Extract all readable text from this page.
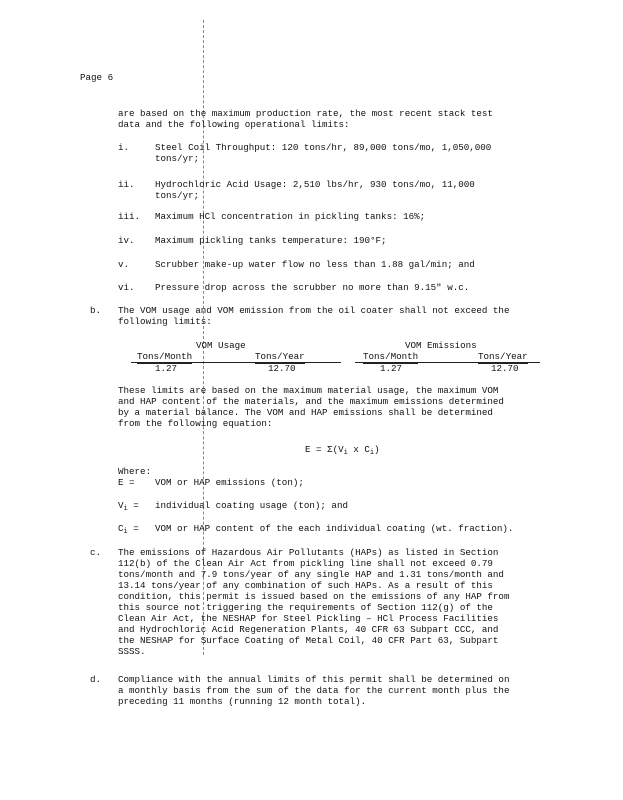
Page 6
are based on the maximum production rate, the most recent stack test
data and the following operational limits:
i.	Steel Coil Throughput: 120 tons/hr, 89,000 tons/mo, 1,050,000
tons/yr;
ii. Hydrochloric Acid Usage: 2,510 lbs/hr, 930 tons/mo, 11,000
tons/yr;
iii. Maximum HCl concentration in pickling tanks: 16%;
iv. Maximum pickling tanks temperature: 190°F;
v.	Scrubber make-up water flow no less than 1.88 gal/min; and
vi. Pressure drop across the scrubber no more than 9.15" w.c.
b. The VOM usage and VOM emission from the oil coater shall not exceed the
following limits:
VOM Usage	VOM Emissions
Tons/Month	Tons/Year	Tons/Month	Tons/Year
1.27	12.70	1.27	12.70
These limits are based on the maximum material usage, the maximum VOM
and HAP content of the materials, and the maximum emissions determined
by a material balance. The VOM and HAP emissions shall be determined
from the following equation:
$E = \Sigma(V_i$ x $C_i$)
Where:
E = VOM or HAP emissions (ton);
$V_i$ = individual coating usage (ton); and
$C_i$ = VOM or HAP content of the each individual coating (wt. fraction).
c. The emissions of Hazardous Air Pollutants (HAPs) as listed in Section
112(b) of the Clean Air Act from pickling line shall not exceed 0.79
tons/month and 7.9 tons/year of any single HAP and 1.31 tons/month and
13.14 tons/year of any combination of such HAPs. As a result of this
condition, this permit is issued based on the emissions of any HAP from
this source not triggering the requirements of Section 112(g) of the
Clean Air Act, the NESHAP for Steel Pickling – HCl Process Facilities
and Hydrochloric Acid Regeneration Plants, 40 CFR 63 Subpart CCC, and
the NESHAP for Surface Coating of Metal Coil, 40 CFR Part 63, Subpart
SSSS.
d. Compliance with the annual limits of this permit shall be determined on
a monthly basis from the sum of the data for the current month plus the
preceding 11 months (running 12 month total).
